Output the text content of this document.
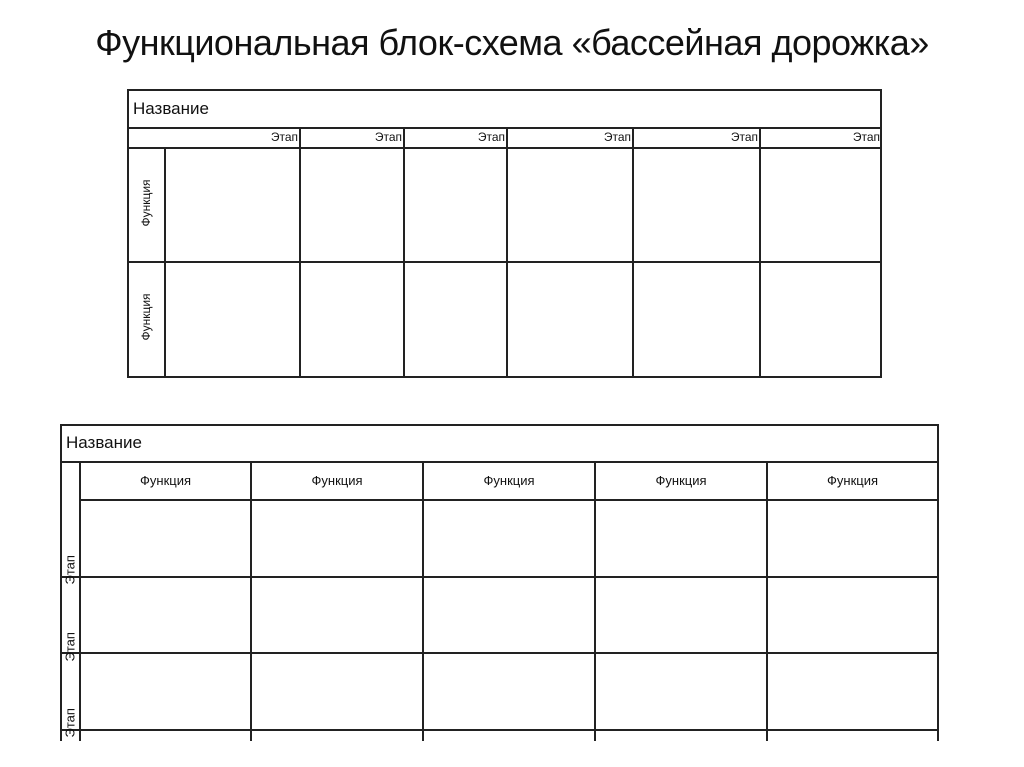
Функциональная блок-схема «бассейная дорожка»
Название
Этап	Этап	Этап	Этап	Этап	Этап
Функция
Функция
Название
Функция	Функция	Функция	Функция	Функция
Этап
Этап
Этап
